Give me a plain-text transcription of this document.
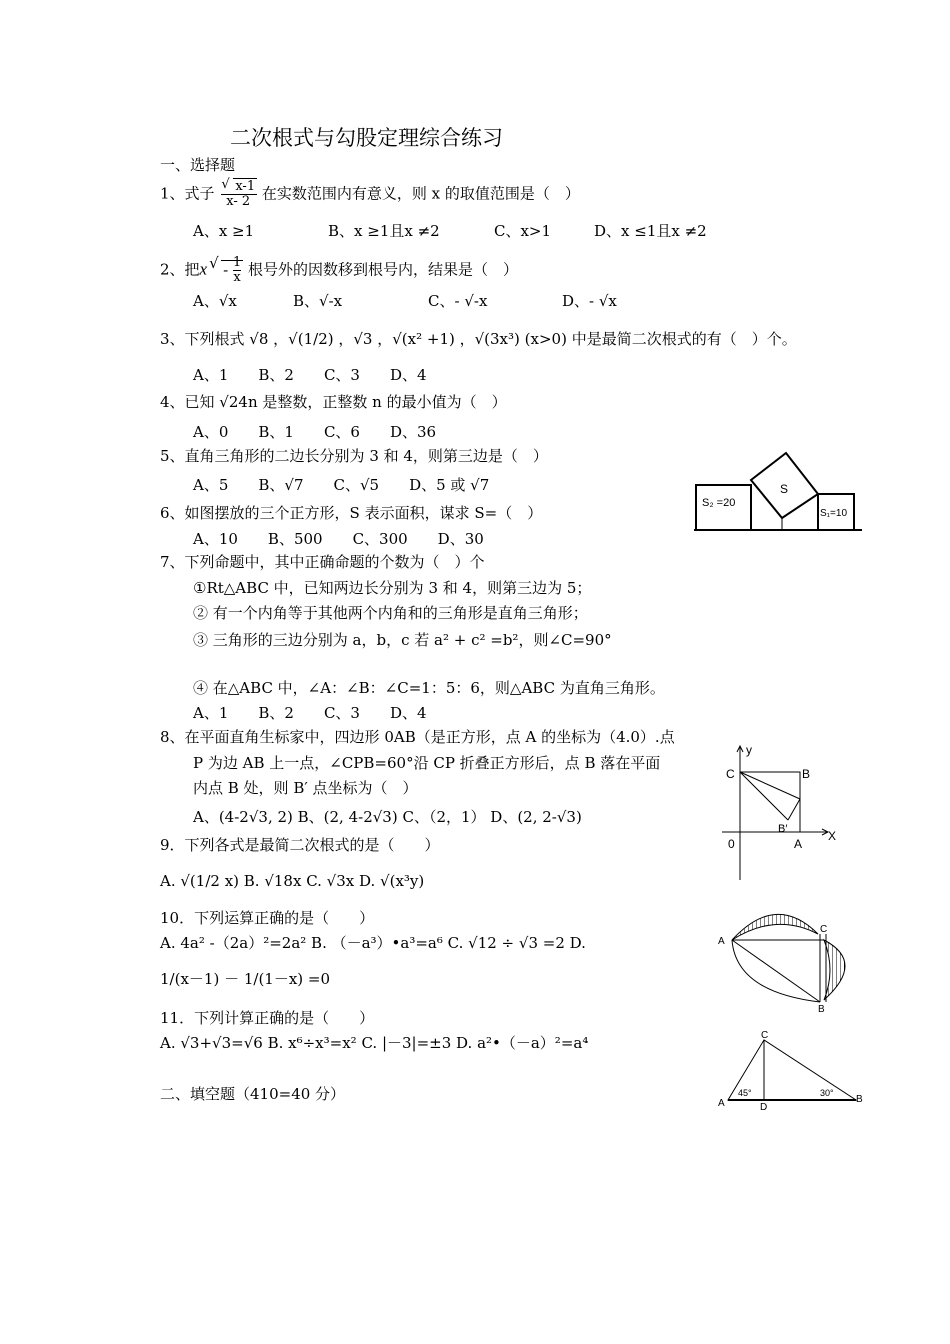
二次根式与勾股定理综合练习
一、选择题
1、式子
√ $\frac{x-1}{x- 2}$ 在实数范围内有意义，则 x 的取值范围是（　）
A、x ≥1	B、x ≥1且x ≠2	C、x>1	D、x ≤1且x ≠2
2、把$x√ - \frac{1}{x}$ 根号外的因数移到根号内，结果是（　）
A、√x	B、√-x	C、- √-x	D、- √x
3、下列根式 √8 ，√(1/2) ，√3 ，√(x² +1) ，√(3x³) (x>0) 中是最简二次根式的有（　）个。
A、1　　B、2　　C、3　　D、4
4、已知 √24n 是整数，正整数 n 的最小值为（　）
A、0　　B、1　　C、6　　D、36
5、直角三角形的二边长分别为 3 和 4，则第三边是（　）
A、5　　B、√7　　C、√5　　D、5 或 √7
6、如图摆放的三个正方形，S 表示面积，谋求 S=（　）
A、10　　B、500　　C、300　　D、30
7、下列命题中，其中正确命题的个数为（　）个
①Rt△ABC 中，已知两边长分别为 3 和 4，则第三边为 5；
② 有一个内角等于其他两个内角和的三角形是直角三角形；
③ 三角形的三边分别为 a，b，c 若 a² + c² =b²，则∠C=90°
④ 在△ABC 中，∠A：∠B：∠C=1：5：6，则△ABC 为直角三角形。
A、1　　B、2　　C、3　　D、4
8、在平面直角生标家中，四边形 0AB（是正方形，点 A 的坐标为（4.0）.点
P 为边 AB 上一点，∠CPB=60°沿 CP 折叠正方形后，点 B 落在平面
内点 B 处，则 B′ 点坐标为（　）
A、(4-2√3, 2) B、(2, 4-2√3) C、（2，1） D、(2, 2-√3)
9．下列各式是最简二次根式的是（　　）
A. √(1/2 x) B. √18x C. √3x D. √(x³y)
10．下列运算正确的是（　　）
A. 4a² -（2a）²=2a² B. （－a³）•a³=a⁶ C. √12 ÷ √3 =2 D.
1/(x－1) － 1/(1－x) =0
11．下列计算正确的是（　　）
A. √3+√3=√6 B. x⁶÷x³=x² C. |－3|=±3 D. a²•（－a）²=a⁴
二、填空题（410=40 分）
S₂ =20
S
S₁=10
y
X
C	B
B′
0	A
A
C
B
C
A	D
B
45°	30°
